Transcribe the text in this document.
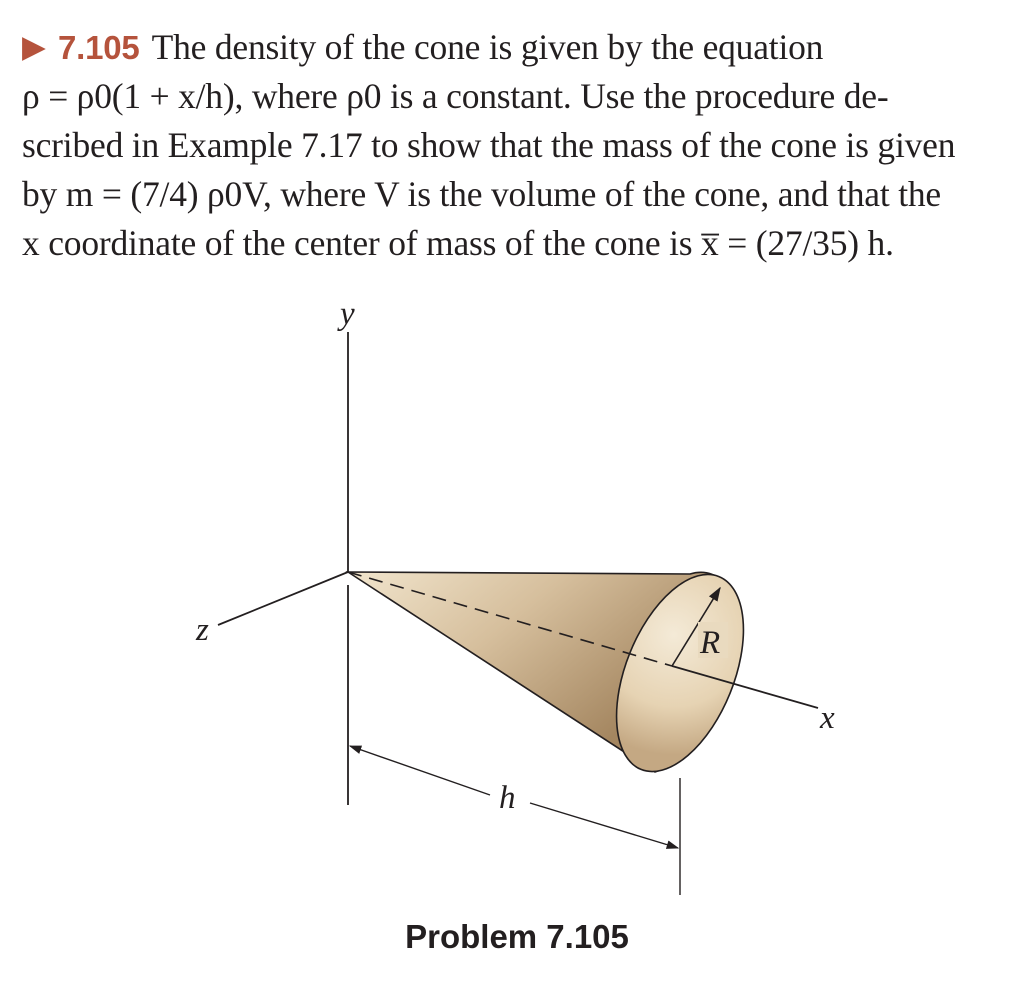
▶ 7.105 The density of the cone is given by the equation
ρ = ρ0(1 + x/h), where ρ0 is a constant. Use the procedure de-
scribed in Example 7.17 to show that the mass of the cone is given
by m = (7/4) ρ0V, where V is the volume of the cone, and that the
x coordinate of the center of mass of the cone is x̅ = (27/35) h.
y
z
x
R
h
Problem 7.105
